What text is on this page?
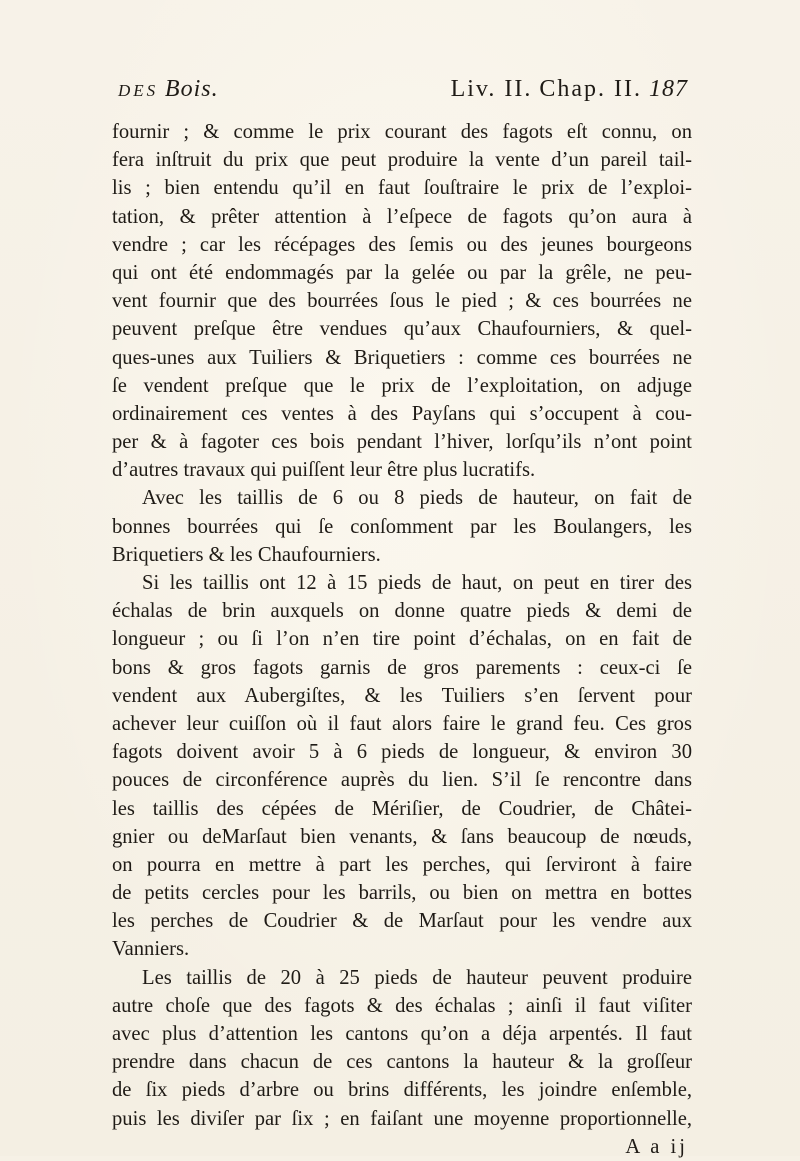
DES Bois.	Liv. II. Chap. II. 187
fournir ; & comme le prix courant des fagots eſt connu, on
fera inſtruit du prix que peut produire la vente d’un pareil tail-
lis ; bien entendu qu’il en faut ſouſtraire le prix de l’exploi-
tation, & prêter attention à l’eſpece de fagots qu’on aura à
vendre ; car les récépages des ſemis ou des jeunes bourgeons
qui ont été endommagés par la gelée ou par la grêle, ne peu-
vent fournir que des bourrées ſous le pied ; & ces bourrées ne
peuvent preſque être vendues qu’aux Chaufourniers, & quel-
ques-unes aux Tuiliers & Briquetiers : comme ces bourrées ne
ſe vendent preſque que le prix de l’exploitation, on adjuge
ordinairement ces ventes à des Payſans qui s’occupent à cou-
per & à fagoter ces bois pendant l’hiver, lorſqu’ils n’ont point
d’autres travaux qui puiſſent leur être plus lucratifs.
Avec les taillis de 6 ou 8 pieds de hauteur, on fait de
bonnes bourrées qui ſe conſomment par les Boulangers, les
Briquetiers & les Chaufourniers.
Si les taillis ont 12 à 15 pieds de haut, on peut en tirer des
échalas de brin auxquels on donne quatre pieds & demi de
longueur ; ou ſi l’on n’en tire point d’échalas, on en fait de
bons & gros fagots garnis de gros parements : ceux-ci ſe
vendent aux Aubergiſtes, & les Tuiliers s’en ſervent pour
achever leur cuiſſon où il faut alors faire le grand feu. Ces gros
fagots doivent avoir 5 à 6 pieds de longueur, & environ 30
pouces de circonférence auprès du lien. S’il ſe rencontre dans
les taillis des cépées de Mériſier, de Coudrier, de Châtei-
gnier ou deMarſaut bien venants, & ſans beaucoup de nœuds,
on pourra en mettre à part les perches, qui ſerviront à faire
de petits cercles pour les barrils, ou bien on mettra en bottes
les perches de Coudrier & de Marſaut pour les vendre aux
Vanniers.
Les taillis de 20 à 25 pieds de hauteur peuvent produire
autre choſe que des fagots & des échalas ; ainſi il faut viſiter
avec plus d’attention les cantons qu’on a déja arpentés. Il faut
prendre dans chacun de ces cantons la hauteur & la groſſeur
de ſix pieds d’arbre ou brins différents, les joindre enſemble,
puis les diviſer par ſix ; en faiſant une moyenne proportionnelle,
A a ij
